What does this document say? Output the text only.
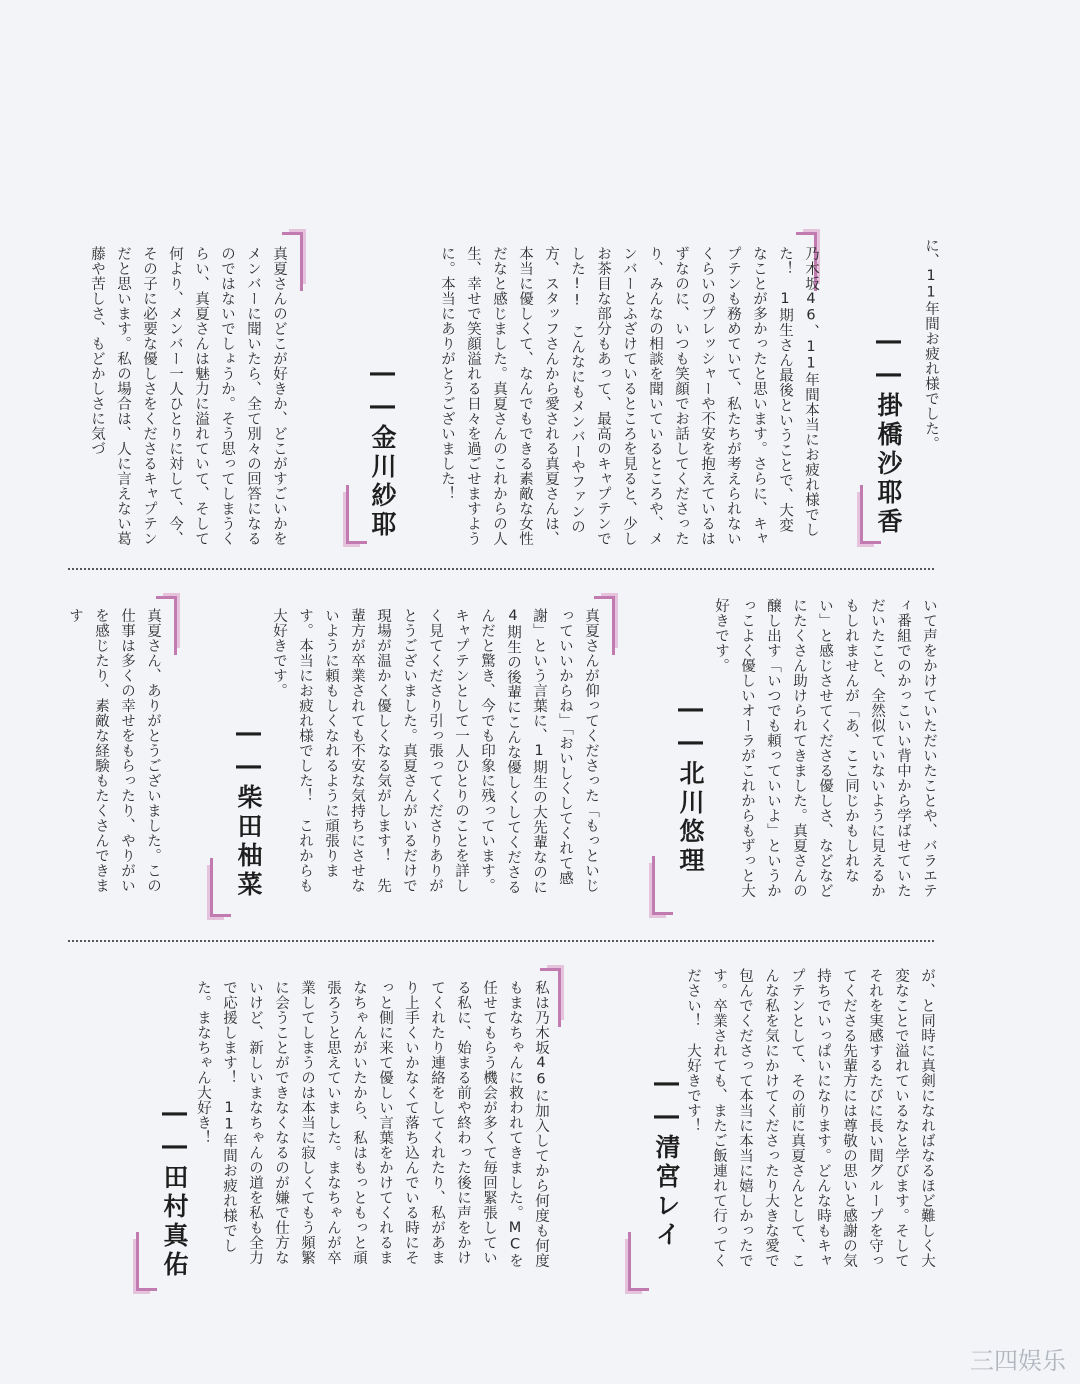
に、11年間お疲れ様でした。
――掛橋沙耶香
乃木坂46、11年間本当にお疲れ様でした！　1期生さん最後ということで、大変なことが多かったと思います。さらに、キャプテンも務めていて、私たちが考えられないくらいのプレッシャーや不安を抱えているはずなのに、いつも笑顔でお話してくださったり、みんなの相談を聞いているところや、メンバーとふざけているところを見ると、少しお茶目な部分もあって、最高のキャプテンでした!!　こんなにもメンバーやファンの方、スタッフさんから愛される真夏さんは、本当に優しくて、なんでもできる素敵な女性だなと感じました。真夏さんのこれからの人生、幸せで笑顔溢れる日々を過ごせますように。本当にありがとうございました！
――金川紗耶
真夏さんのどこが好きか、どこがすごいかをメンバーに聞いたら、全て別々の回答になるのではないでしょうか。そう思ってしまうくらい、真夏さんは魅力に溢れていて、そして何より、メンバー一人ひとりに対して、今、その子に必要な優しさをくださるキャプテンだと思います。私の場合は、人に言えない葛藤や苦しさ、もどかしさに気づ
いて声をかけていただいたことや、バラエティ番組でのかっこいい背中から学ばせていただいたこと、全然似ていないように見えるかもしれませんが「あ、ここ同じかもしれない」と感じさせてくださる優しさ、などなどにたくさん助けられてきました。真夏さんの醸し出す「いつでも頼っていいよ」というかっこよく優しいオーラがこれからもずっと大好きです。
――北川悠理
真夏さんが仰ってくださった「もっといじっていいからね」「おいしくしてくれて感謝」という言葉に、1期生の大先輩なのに4期生の後輩にこんな優しくしてくださるんだと驚き、今でも印象に残っています。キャプテンとして一人ひとりのことを詳しく見てくださり引っ張ってくださりありがとうございました。真夏さんがいるだけで現場が温かく優しくなる気がします！　先輩方が卒業されても不安な気持ちにさせないように頼もしくなれるように頑張ります。本当にお疲れ様でした！　これからも大好きです。
――柴田柚菜
真夏さん、ありがとうございました。この仕事は多くの幸せをもらったり、やりがいを感じたり、素敵な経験もたくさんできます
が、と同時に真剣になればなるほど難しく大変なことで溢れているなと学びます。そしてそれを実感するたびに長い間グループを守ってくださる先輩方には尊敬の思いと感謝の気持ちでいっぱいになります。どんな時もキャプテンとして、その前に真夏さんとして、こんな私を気にかけてくださったり大きな愛で包んでくださって本当に本当に嬉しかったです。卒業されても、またご飯連れて行ってください！　大好きです！
――清宮レイ
私は乃木坂46に加入してから何度も何度もまなちゃんに救われてきました。MCを任せてもらう機会が多くて毎回緊張している私に、始まる前や終わった後に声をかけてくれたり連絡をしてくれたり、私があまり上手くいかなくて落ち込んでいる時にそっと側に来て優しい言葉をかけてくれるまなちゃんがいたから、私はもっともっと頑張ろうと思えていました。まなちゃんが卒業してしまうのは本当に寂しくてもう頻繁に会うことができなくなるのが嫌で仕方ないけど、新しいまなちゃんの道を私も全力で応援します！　11年間お疲れ様でした。まなちゃん大好き！
――田村真佑
三四娱乐
